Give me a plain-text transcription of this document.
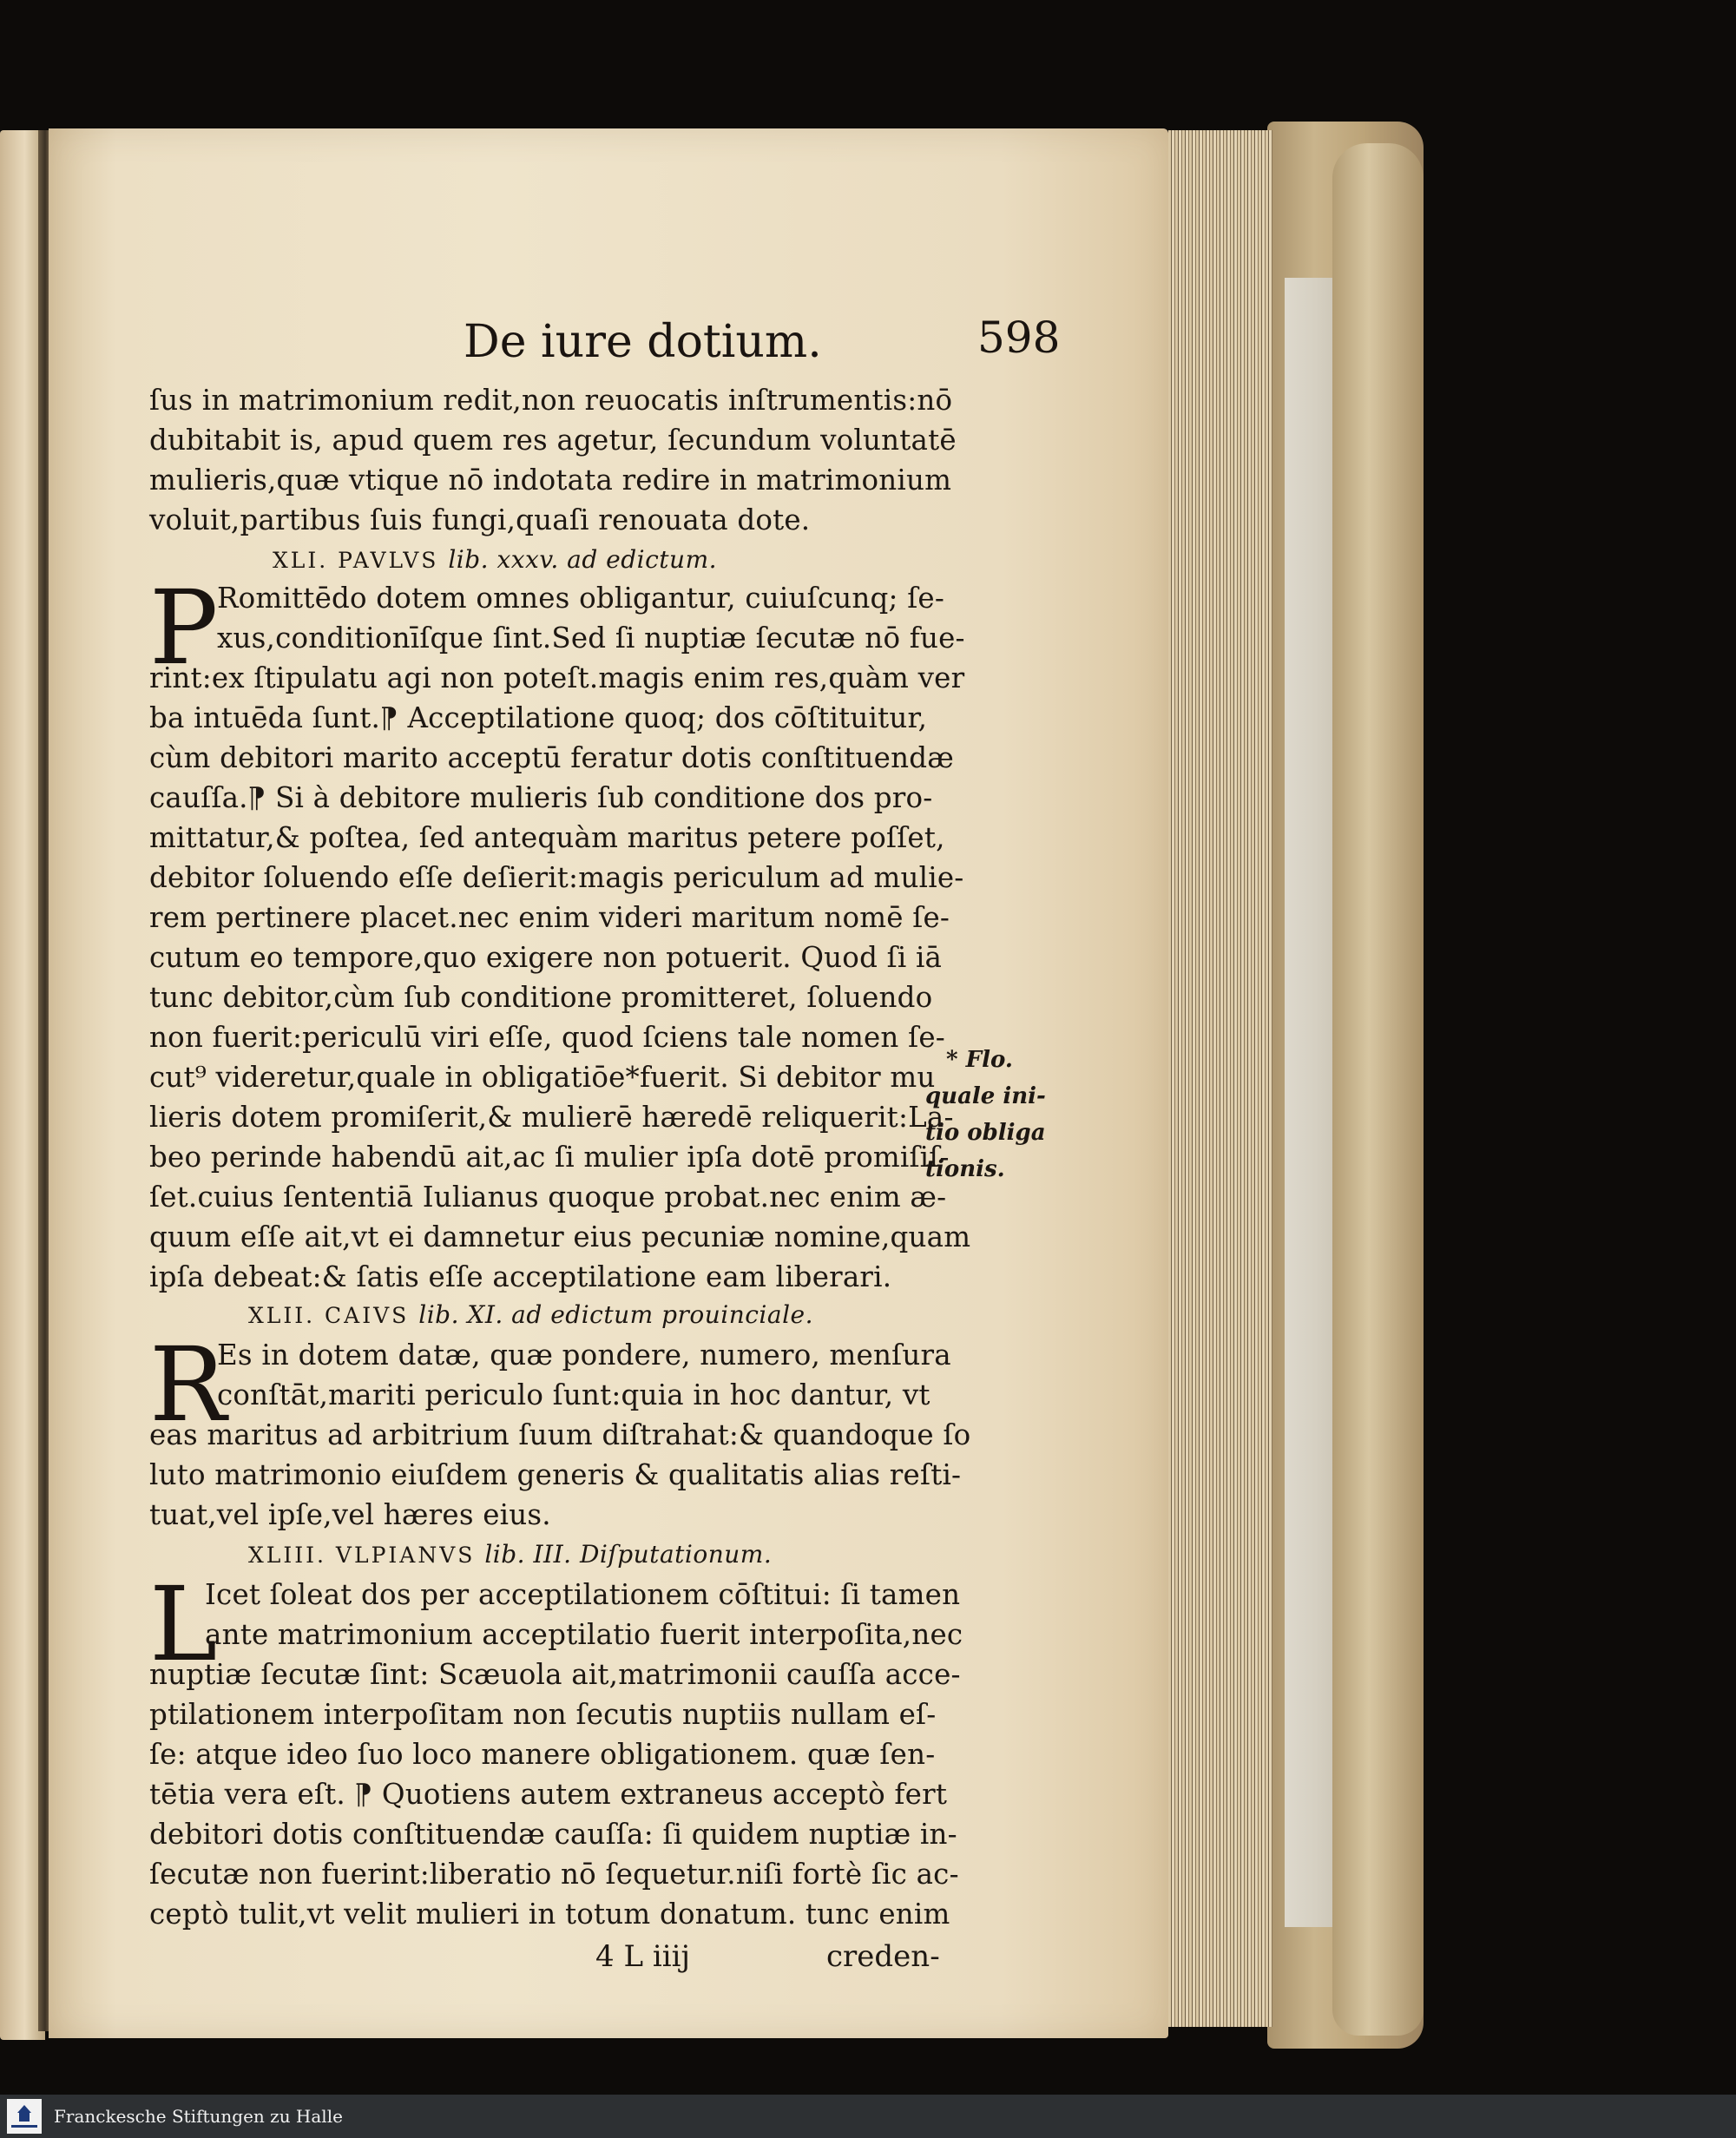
De iure dotium.	598
ſus in matrimonium redit,non reuocatis inſtrumentis:nō
dubitabit is, apud quem res agetur, ſecundum voluntatē
mulieris,quæ vtique nō indotata redire in matrimonium
voluit,partibus ſuis fungi,quaſi renouata dote.
XLI. PAVLVS lib. xxxv. ad edictum.
P
Romittēdo dotem omnes obligantur, cuiuſcunq; ſe-
xus,conditionīſque ſint.Sed ſi nuptiæ ſecutæ nō fue-
rint:ex ſtipulatu agi non poteſt.magis enim res,quàm ver
ba intuēda ſunt.⁋ Acceptilatione quoq; dos cōſtituitur,
cùm debitori marito acceptū feratur dotis conſtituendæ
cauſſa.⁋ Si à debitore mulieris ſub conditione dos pro-
mittatur,& poſtea, ſed antequàm maritus petere poſſet,
debitor ſoluendo eſſe deſierit:magis periculum ad mulie-
rem pertinere placet.nec enim videri maritum nomē ſe-
cutum eo tempore,quo exigere non potuerit. Quod ſi iā
tunc debitor,cùm ſub conditione promitteret, ſoluendo
non fuerit:periculū viri eſſe, quod ſciens tale nomen ſe-
cut⁹ videretur,quale in obligatiōe*fuerit. Si debitor mu
lieris dotem promiſerit,& mulierē hæredē reliquerit:La-
beo perinde habendū ait,ac ſi mulier ipſa dotē promiſiſ-
ſet.cuius ſententiā Iulianus quoque probat.nec enim æ-
quum eſſe ait,vt ei damnetur eius pecuniæ nomine,quam
ipſa debeat:& ſatis eſſe acceptilatione eam liberari.
* Flo.
quale ini-
tio obliga
tionis.
XLII. CAIVS lib. XI. ad edictum prouinciale.
R
Es in dotem datæ, quæ pondere, numero, menſura
conſtāt,mariti periculo ſunt:quia in hoc dantur, vt
eas maritus ad arbitrium ſuum diſtrahat:& quandoque ſo
luto matrimonio eiuſdem generis & qualitatis alias reſti-
tuat,vel ipſe,vel hæres eius.
XLIII. VLPIANVS lib. III. Diſputationum.
L
Icet ſoleat dos per acceptilationem cōſtitui: ſi tamen
ante matrimonium acceptilatio fuerit interpoſita,nec
nuptiæ ſecutæ ſint: Scæuola ait,matrimonii cauſſa acce-
ptilationem interpoſitam non ſecutis nuptiis nullam eſ-
ſe: atque ideo ſuo loco manere obligationem. quæ ſen-
tētia vera eſt. ⁋ Quotiens autem extraneus acceptò fert
debitori dotis conſtituendæ cauſſa: ſi quidem nuptiæ in-
ſecutæ non fuerint:liberatio nō ſequetur.niſi fortè ſic ac-
ceptò tulit,vt velit mulieri in totum donatum. tunc enim
4 L iiij	creden-
Franckesche Stiftungen zu Halle
